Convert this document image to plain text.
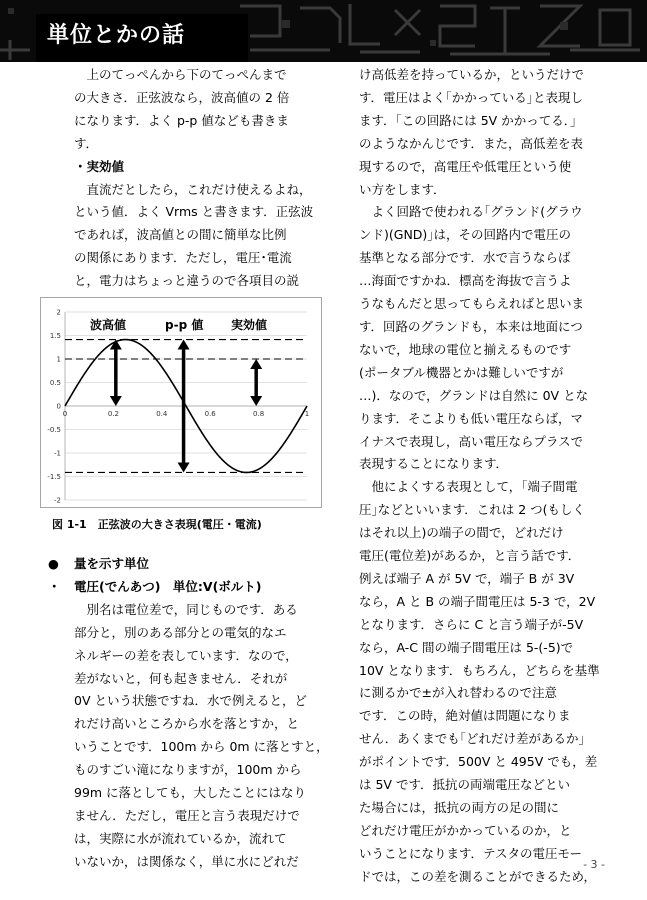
単位とかの話

　上のてっぺんから下のてっぺんまで

の大きさ．正弦波なら，波高値の 2 倍

になります．よく p-p 値なども書きま

す．

・実効値

　直流だとしたら，これだけ使えるよね，

という値．よく Vrms と書きます．正弦波

であれば，波高値との間に簡単な比例

の関係にあります．ただし，電圧･電流

と，電力はちょっと違うので各項目の説

2
1.5
1
0.5
0
-0.5
-1
-1.5
-2
0	0.2	0.4	0.6	0.8	1
波高値	p-p 値 実効値
図 1-1　正弦波の大きさ表現(電圧・電流)

● 量を示す単位

・ 電圧(でんあつ)　単位:V(ボルト)

　別名は電位差で，同じものです．ある

部分と，別のある部分との電気的なエ

ネルギーの差を表しています．なので，

差がないと，何も起きません．それが

0V という状態ですね．水で例えると，ど

れだけ高いところから水を落とすか，と

いうことです．100m から 0m に落とすと，

ものすごい滝になりますが，100m から

99m に落としても，大したことにはなり

ません．ただし，電圧と言う表現だけで

は，実際に水が流れているか，流れて

いないか，は関係なく，単に水にどれだ

け高低差を持っているか，というだけで

す．電圧はよく｢かかっている｣と表現し

ます．「この回路には 5V かかってる．」

のようなかんじです．また，高低差を表

現するので，高電圧や低電圧という使

い方をします．

　よく回路で使われる｢グランド(グラウ

ンド)(GND)｣は，その回路内で電圧の

基準となる部分です．水で言うならば

…海面ですかね．標高を海抜で言うよ

うなもんだと思ってもらえればと思いま

す．回路のグランドも，本来は地面につ

ないで，地球の電位と揃えるものです

(ポータブル機器とかは難しいですが

…)．なので，グランドは自然に 0V とな

ります．そこよりも低い電圧ならば，マ

イナスで表現し，高い電圧ならプラスで

表現することになります．

　他によくする表現として，｢端子間電

圧｣などといいます．これは 2 つ(もしく

はそれ以上)の端子の間で，どれだけ

電圧(電位差)があるか，と言う話です．

例えば端子 A が 5V で，端子 B が 3V

なら，A と B の端子間電圧は 5-3 で，2V

となります．さらに C と言う端子が-5V

なら，A-C 間の端子間電圧は 5-(-5)で

10V となります．もちろん，どちらを基準

に測るかで±が入れ替わるので注意

です．この時，絶対値は問題になりま

せん．あくまでも｢どれだけ差があるか｣

がポイントです．500V と 495V でも，差

は 5V です．抵抗の両端電圧などとい

た場合には，抵抗の両方の足の間に

どれだけ電圧がかかっているのか，と

いうことになります．テスタの電圧モー

ドでは，この差を測ることができるため，

- 3 -
